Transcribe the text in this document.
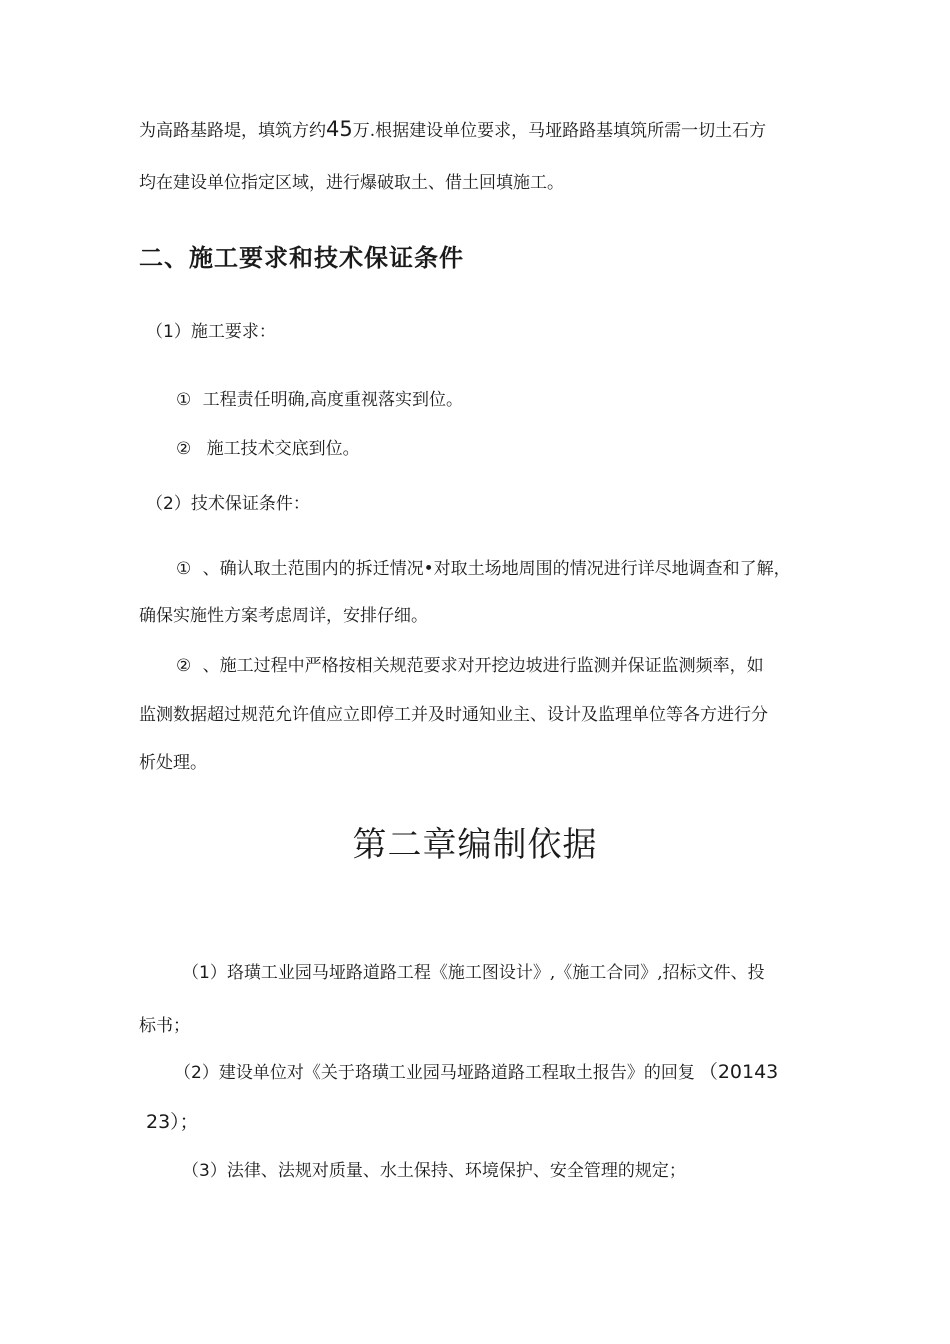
为高路基路堤，填筑方约45万.根据建设单位要求，马垭路路基填筑所需一切土石方
均在建设单位指定区域，进行爆破取土、借土回填施工。
二、施工要求和技术保证条件
（1）施工要求：
① 工程责任明确,高度重视落实到位。
② 施工技术交底到位。
（2）技术保证条件：
① 、确认取土范围内的拆迁情况•对取土场地周围的情况进行详尽地调查和了解，
确保实施性方案考虑周详，安排仔细。
② 、施工过程中严格按相关规范要求对开挖边坡进行监测并保证监测频率，如
监测数据超过规范允许值应立即停工并及时通知业主、设计及监理单位等各方进行分
析处理。
第二章编制依据
（1）珞璜工业园马垭路道路工程《施工图设计》,《施工合同》,招标文件、投
标书；
（2）建设单位对《关于珞璜工业园马垭路道路工程取土报告》的回复 （20143
23）；
（3）法律、法规对质量、水土保持、环境保护、安全管理的规定；
